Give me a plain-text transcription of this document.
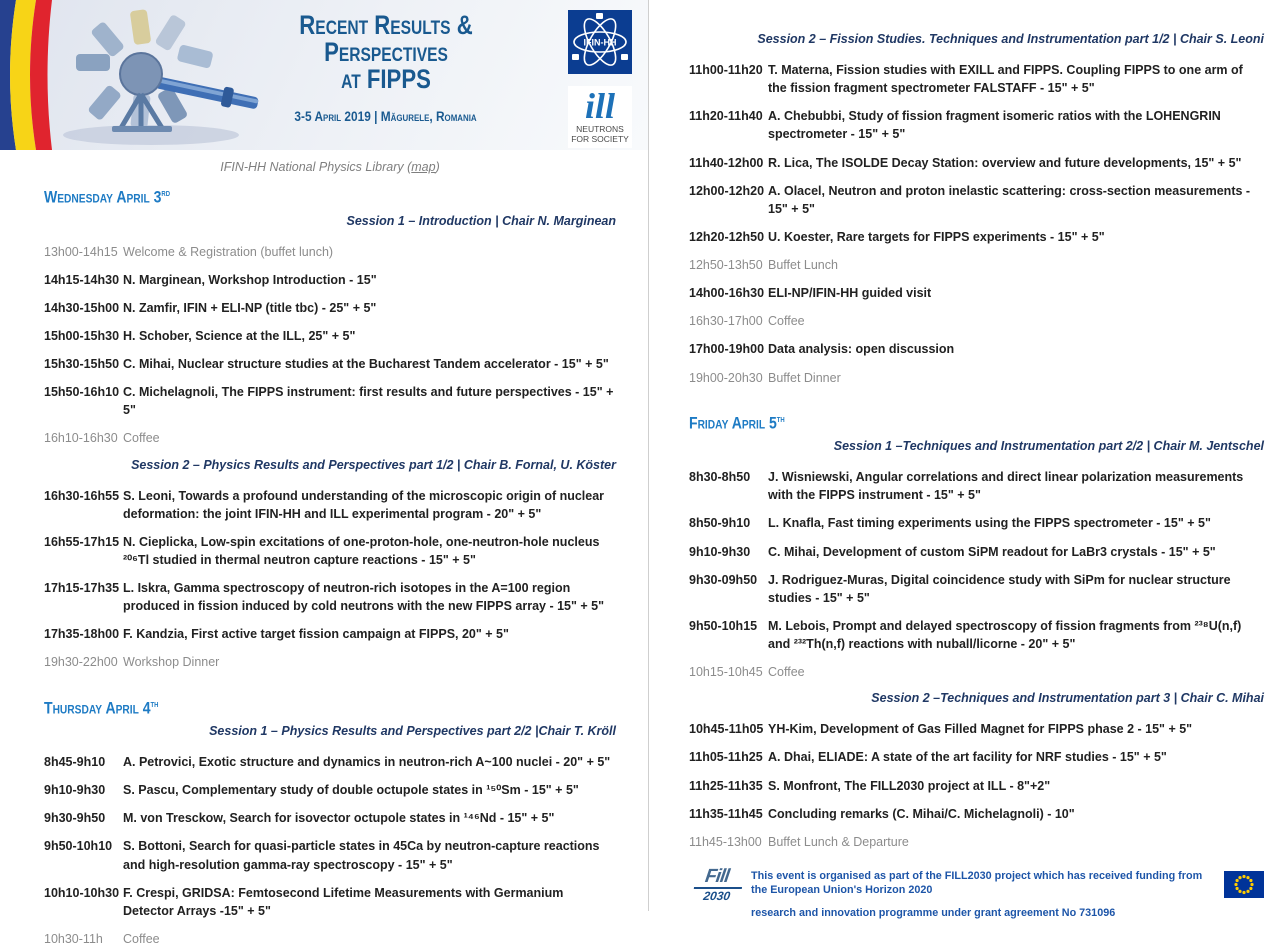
Recent Results &
Perspectives
at FIPPS
3-5 April 2019 | Măgurele, Romania
IFIN-HH
ill
NEUTRONS
FOR SOCIETY
IFIN-HH National Physics Library (map)
Wednesday April 3rd
Session 1 – Introduction | Chair N. Marginean
13h00-14h15 Welcome & Registration (buffet lunch)
14h15-14h30 N. Marginean, Workshop Introduction - 15"
14h30-15h00 N. Zamfir, IFIN + ELI-NP (title tbc) - 25" + 5"
15h00-15h30 H. Schober, Science at the ILL, 25" + 5"
15h30-15h50 C. Mihai, Nuclear structure studies at the Bucharest Tandem accelerator - 15" + 5"
15h50-16h10 C. Michelagnoli, The FIPPS instrument: first results and future perspectives - 15" + 5"
16h10-16h30 Coffee
Session 2 – Physics Results and Perspectives part 1/2 | Chair B. Fornal, U. Köster
16h30-16h55 S. Leoni, Towards a profound understanding of the microscopic origin of nuclear deformation: the joint IFIN-HH and ILL experimental program - 20" + 5"
16h55-17h15 N. Cieplicka, Low-spin excitations of one-proton-hole, one-neutron-hole nucleus ²⁰⁶Tl studied in thermal neutron capture reactions - 15" + 5"
17h15-17h35 L. Iskra, Gamma spectroscopy of neutron-rich isotopes in the A=100 region produced in fission induced by cold neutrons with the new FIPPS array - 15" + 5"
17h35-18h00 F. Kandzia, First active target fission campaign at FIPPS, 20" + 5"
19h30-22h00 Workshop Dinner
Thursday April 4th
Session 1 – Physics Results and Perspectives part 2/2 |Chair T. Kröll
8h45-9h10	A. Petrovici, Exotic structure and dynamics in neutron-rich A~100 nuclei - 20" + 5"
9h10-9h30	S. Pascu, Complementary study of double octupole states in ¹⁵⁰Sm - 15" + 5"
9h30-9h50	M. von Tresckow, Search for isovector octupole states in ¹⁴⁶Nd - 15" + 5"
9h50-10h10 S. Bottoni, Search for quasi-particle states in 45Ca by neutron-capture reactions and high-resolution gamma-ray spectroscopy - 15" + 5"
10h10-10h30 F. Crespi, GRIDSA: Femtosecond Lifetime Measurements with Germanium Detector Arrays -15" + 5"
10h30-11h	Coffee
Session 2 – Fission Studies. Techniques and Instrumentation part 1/2 | Chair S. Leoni
11h00-11h20 T. Materna, Fission studies with EXILL and FIPPS. Coupling FIPPS to one arm of the fission fragment spectrometer FALSTAFF - 15" + 5"
11h20-11h40 A. Chebubbi, Study of fission fragment isomeric ratios with the LOHENGRIN spectrometer - 15" + 5"
11h40-12h00 R. Lica, The ISOLDE Decay Station: overview and future developments, 15" + 5"
12h00-12h20 A. Olacel, Neutron and proton inelastic scattering: cross-section measurements - 15" + 5"
12h20-12h50 U. Koester, Rare targets for FIPPS experiments - 15" + 5"
12h50-13h50 Buffet Lunch
14h00-16h30 ELI-NP/IFIN-HH guided visit
16h30-17h00 Coffee
17h00-19h00 Data analysis: open discussion
19h00-20h30 Buffet Dinner
Friday April 5th
Session 1 –Techniques and Instrumentation part 2/2 | Chair M. Jentschel
8h30-8h50	J. Wisniewski, Angular correlations and direct linear polarization measurements with the FIPPS instrument - 15" + 5"
8h50-9h10	L. Knafla, Fast timing experiments using the FIPPS spectrometer - 15" + 5"
9h10-9h30	C. Mihai, Development of custom SiPM readout for LaBr3 crystals - 15" + 5"
9h30-09h50 J. Rodriguez-Muras, Digital coincidence study with SiPm for nuclear structure studies - 15" + 5"
9h50-10h15 M. Lebois, Prompt and delayed spectroscopy of fission fragments from ²³⁸U(n,f) and ²³²Th(n,f) reactions with nuball/licorne - 20" + 5"
10h15-10h45 Coffee
Session 2 –Techniques and Instrumentation part 3 | Chair C. Mihai
10h45-11h05 YH-Kim, Development of Gas Filled Magnet for FIPPS phase 2 - 15" + 5"
11h05-11h25 A. Dhai, ELIADE: A state of the art facility for NRF studies - 15" + 5"
11h25-11h35 S. Monfront, The FILL2030 project at ILL - 8"+2"
11h35-11h45 Concluding remarks (C. Mihai/C. Michelagnoli) - 10"
11h45-13h00 Buffet Lunch & Departure
Fill
2030
This event is organised as part of the FILL2030 project which has received funding from the European Union's Horizon 2020
research and innovation programme under grant agreement No 731096
